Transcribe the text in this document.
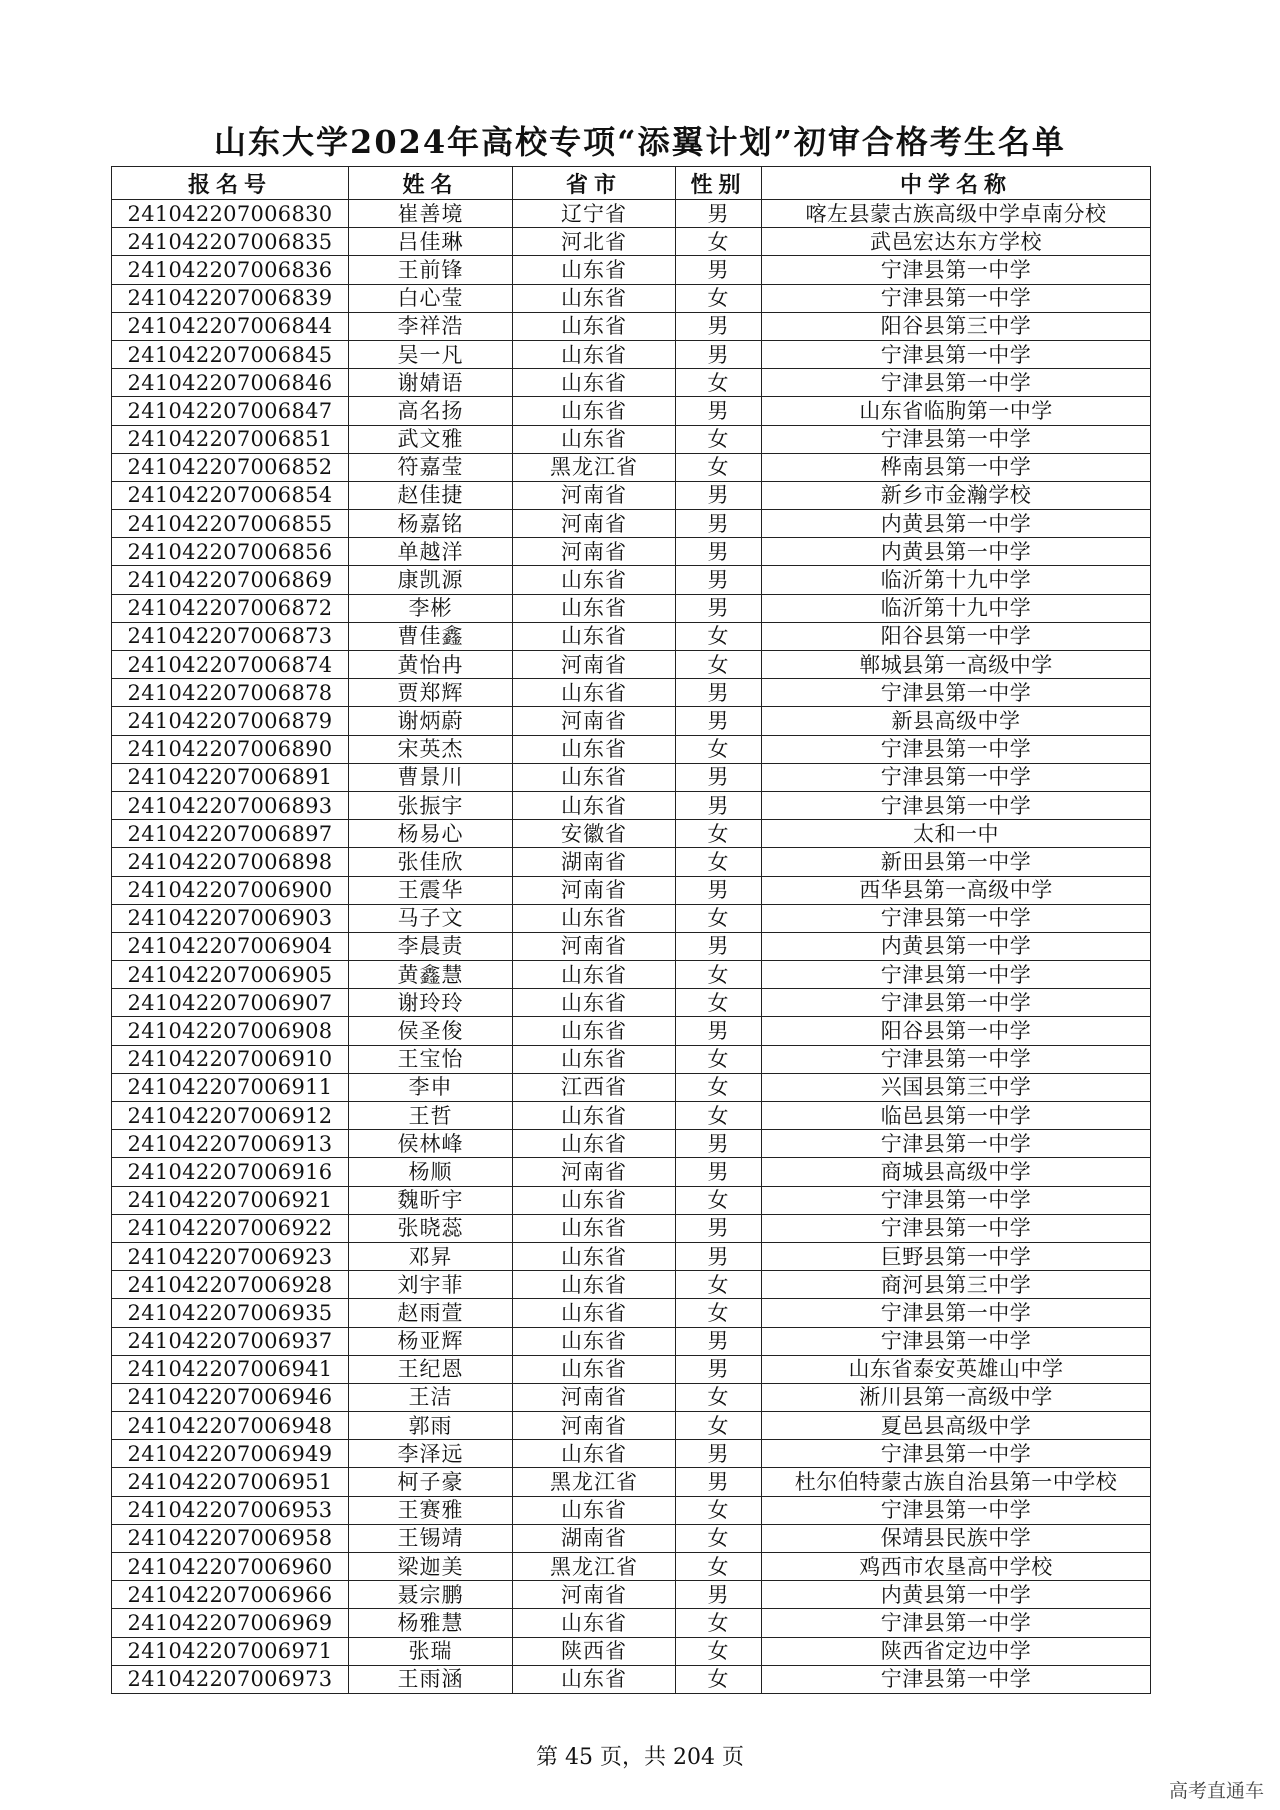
山东大学2024年高校专项“添翼计划”初审合格考生名单
报名号	姓名	省市	性别	中学名称
241042207006830	崔善境	辽宁省	男	喀左县蒙古族高级中学卓南分校
241042207006835	吕佳琳	河北省	女	武邑宏达东方学校
241042207006836	王前锋	山东省	男	宁津县第一中学
241042207006839	白心莹	山东省	女	宁津县第一中学
241042207006844	李祥浩	山东省	男	阳谷县第三中学
241042207006845	吴一凡	山东省	男	宁津县第一中学
241042207006846	谢婧语	山东省	女	宁津县第一中学
241042207006847	高名扬	山东省	男	山东省临朐第一中学
241042207006851	武文雅	山东省	女	宁津县第一中学
241042207006852	符嘉莹	黑龙江省	女	桦南县第一中学
241042207006854	赵佳捷	河南省	男	新乡市金瀚学校
241042207006855	杨嘉铭	河南省	男	内黄县第一中学
241042207006856	单越洋	河南省	男	内黄县第一中学
241042207006869	康凯源	山东省	男	临沂第十九中学
241042207006872	李彬	山东省	男	临沂第十九中学
241042207006873	曹佳鑫	山东省	女	阳谷县第一中学
241042207006874	黄怡冉	河南省	女	郸城县第一高级中学
241042207006878	贾郑辉	山东省	男	宁津县第一中学
241042207006879	谢炳蔚	河南省	男	新县高级中学
241042207006890	宋英杰	山东省	女	宁津县第一中学
241042207006891	曹景川	山东省	男	宁津县第一中学
241042207006893	张振宇	山东省	男	宁津县第一中学
241042207006897	杨易心	安徽省	女	太和一中
241042207006898	张佳欣	湖南省	女	新田县第一中学
241042207006900	王震华	河南省	男	西华县第一高级中学
241042207006903	马子文	山东省	女	宁津县第一中学
241042207006904	李晨责	河南省	男	内黄县第一中学
241042207006905	黄鑫慧	山东省	女	宁津县第一中学
241042207006907	谢玲玲	山东省	女	宁津县第一中学
241042207006908	侯圣俊	山东省	男	阳谷县第一中学
241042207006910	王宝怡	山东省	女	宁津县第一中学
241042207006911	李申	江西省	女	兴国县第三中学
241042207006912	王哲	山东省	女	临邑县第一中学
241042207006913	侯林峰	山东省	男	宁津县第一中学
241042207006916	杨顺	河南省	男	商城县高级中学
241042207006921	魏昕宇	山东省	女	宁津县第一中学
241042207006922	张晓蕊	山东省	男	宁津县第一中学
241042207006923	邓昇	山东省	男	巨野县第一中学
241042207006928	刘宇菲	山东省	女	商河县第三中学
241042207006935	赵雨萱	山东省	女	宁津县第一中学
241042207006937	杨亚辉	山东省	男	宁津县第一中学
241042207006941	王纪恩	山东省	男	山东省泰安英雄山中学
241042207006946	王洁	河南省	女	淅川县第一高级中学
241042207006948	郭雨	河南省	女	夏邑县高级中学
241042207006949	李泽远	山东省	男	宁津县第一中学
241042207006951	柯子豪	黑龙江省	男	杜尔伯特蒙古族自治县第一中学校
241042207006953	王赛雅	山东省	女	宁津县第一中学
241042207006958	王锡靖	湖南省	女	保靖县民族中学
241042207006960	梁迦美	黑龙江省	女	鸡西市农垦高中学校
241042207006966	聂宗鹏	河南省	男	内黄县第一中学
241042207006969	杨雅慧	山东省	女	宁津县第一中学
241042207006971	张瑞	陕西省	女	陕西省定边中学
241042207006973	王雨涵	山东省	女	宁津县第一中学
第 45 页，共 204 页
高考直通车
